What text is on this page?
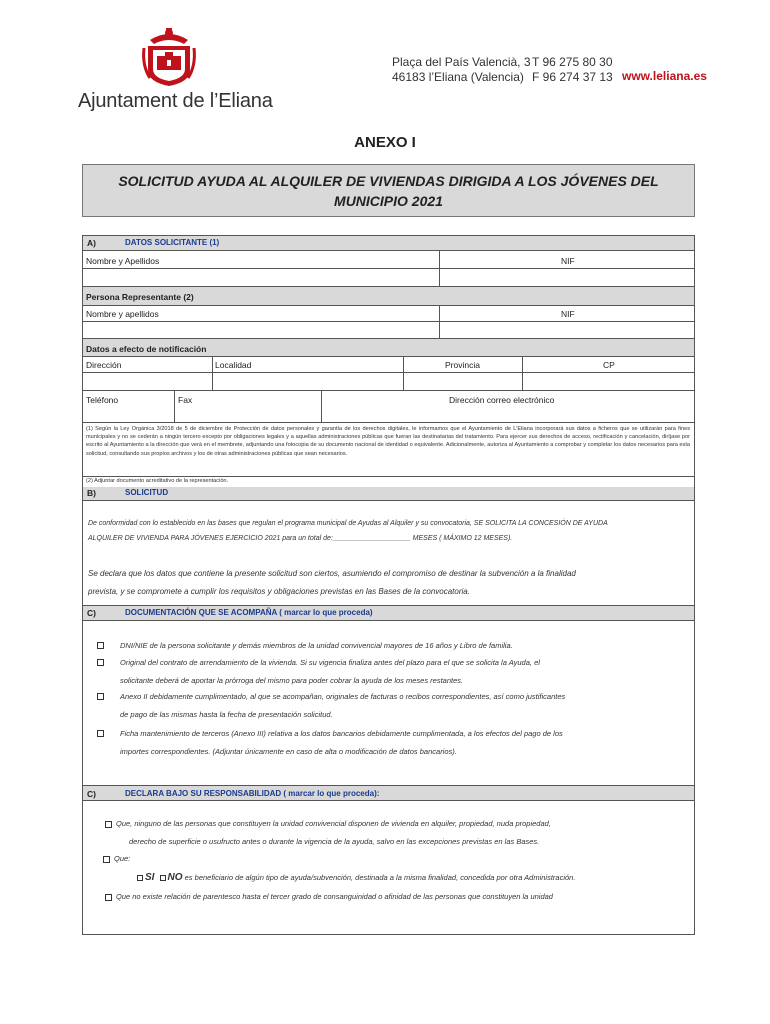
Ajuntament de l’Eliana
Plaça del País Valencià, 3
46183 l’Eliana (Valencia)
T 96 275 80 30
F 96 274 37 13 www.leliana.es
ANEXO I
SOLICITUD AYUDA AL ALQUILER DE VIVIENDAS DIRIGIDA A LOS JÓVENES DEL
MUNICIPIO 2021
A)	DATOS SOLICITANTE (1)
Nombre y Apellidos	NIF
Persona Representante (2)
Nombre y apellidos	NIF
Datos a efecto de notificación
Dirección	Localidad	Provincia	CP
Teléfono	Fax	Dirección correo electrónico
(1) Según la Ley Orgánica 3/2018 de 5 de diciembre de Protección de datos personales y garantía de los derechos digitales, le informamos que el Ayuntamiento de L’Eliana incorporará sus datos a ficheros que se utilizarán para fines municipales y no se cederán a ningún tercero excepto por obligaciones legales y a aquellas administraciones públicas que fueran las destinatarias del tratamiento. Para ejercer sus derechos de acceso, rectificación y cancelación, diríjase por escrito al Ayuntamiento a la dirección que verá en el membrete, adjuntando una fotocopia de su documento nacional de identidad o equivalente. Adicionalmente, autoriza al Ayuntamiento a comprobar y completar los datos necesarios para esta solicitud, consultando sus propios archivos y los de otras administraciones públicas que sean necesarios.
(2) Adjuntar documento acreditativo de la representación.
B)	SOLICITUD
De conformidad con lo establecido en las bases que regulan el programa municipal de Ayudas al Alquiler y su convocatoria, SE SOLICITA LA CONCESIÓN DE AYUDA
ALQUILER DE VIVIENDA PARA JÓVENES EJERCICIO 2021 para un total de:____________________ MESES ( MÁXIMO 12 MESES).
Se declara que los datos que contiene la presente solicitud son ciertos, asumiendo el compromiso de destinar la subvención a la finalidad
prevista, y se compromete a cumplir los requisitos y obligaciones previstas en las Bases de la convocatoria.
C)	DOCUMENTACIÓN QUE SE ACOMPAÑA ( marcar lo que proceda)
DNI/NIE de la persona solicitante y demás miembros de la unidad convivencial mayores de 16 años y Libro de familia.
Original del contrato de arrendamiento de la vivienda. Si su vigencia finaliza antes del plazo para el que se solicita la Ayuda, el
solicitante deberá de aportar la prórroga del mismo para poder cobrar la ayuda de los meses restantes.
Anexo II debidamente cumplimentado, al que se acompañan, originales de facturas o recibos correspondientes, así como justificantes
de pago de las mismas hasta la fecha de presentación solicitud.
Ficha mantenimiento de terceros (Anexo III) relativa a los datos bancarios debidamente cumplimentada, a los efectos del pago de los
importes correspondientes. (Adjuntar únicamente en caso de alta o modificación de datos bancarios).
C)	DECLARA BAJO SU RESPONSABILIDAD ( marcar lo que proceda):
Que, ninguno de las personas que constituyen la unidad convivencial disponen de vivienda en alquiler, propiedad, nuda propiedad,
derecho de superficie o usufructo antes o durante la vigencia de la ayuda, salvo en las excepciones previstas en las Bases.
Que:
SI NO es beneficiario de algún tipo de ayuda/subvención, destinada a la misma finalidad, concedida por otra Administración.
Que no existe relación de parentesco hasta el tercer grado de consanguinidad o afinidad de las personas que constituyen la unidad
